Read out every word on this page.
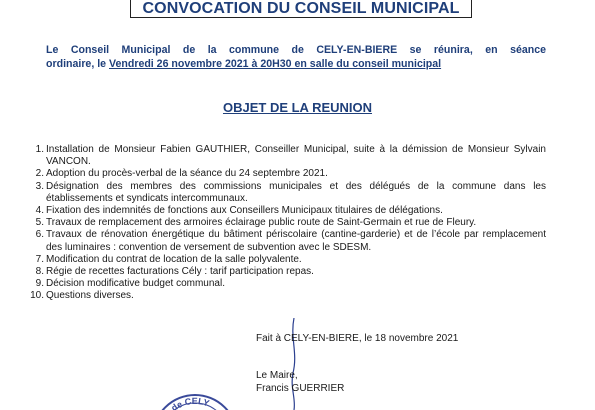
CONVOCATION DU CONSEIL MUNICIPAL
Le Conseil Municipal de la commune de CELY-EN-BIERE se réunira, en séance
ordinaire, le Vendredi 26 novembre 2021 à 20H30 en salle du conseil municipal
OBJET DE LA REUNION
1. Installation de Monsieur Fabien GAUTHIER, Conseiller Municipal, suite à la démission de Monsieur Sylvain VANCON.
2. Adoption du procès-verbal de la séance du 24 septembre 2021.
3. Désignation des membres des commissions municipales et des délégués de la commune dans les établissements et syndicats intercommunaux.
4. Fixation des indemnités de fonctions aux Conseillers Municipaux titulaires de délégations.
5. Travaux de remplacement des armoires éclairage public route de Saint-Germain et rue de Fleury.
6. Travaux de rénovation énergétique du bâtiment périscolaire (cantine-garderie) et de l’école par remplacement des luminaires : convention de versement de subvention avec le SDESM.
7. Modification du contrat de location de la salle polyvalente.
8. Régie de recettes facturations Cély : tarif participation repas.
9. Décision modificative budget communal.
10. Questions diverses.
Fait à CELY-EN-BIERE, le 18 novembre 2021
Le Maire,
Francis GUERRIER
de CELY
